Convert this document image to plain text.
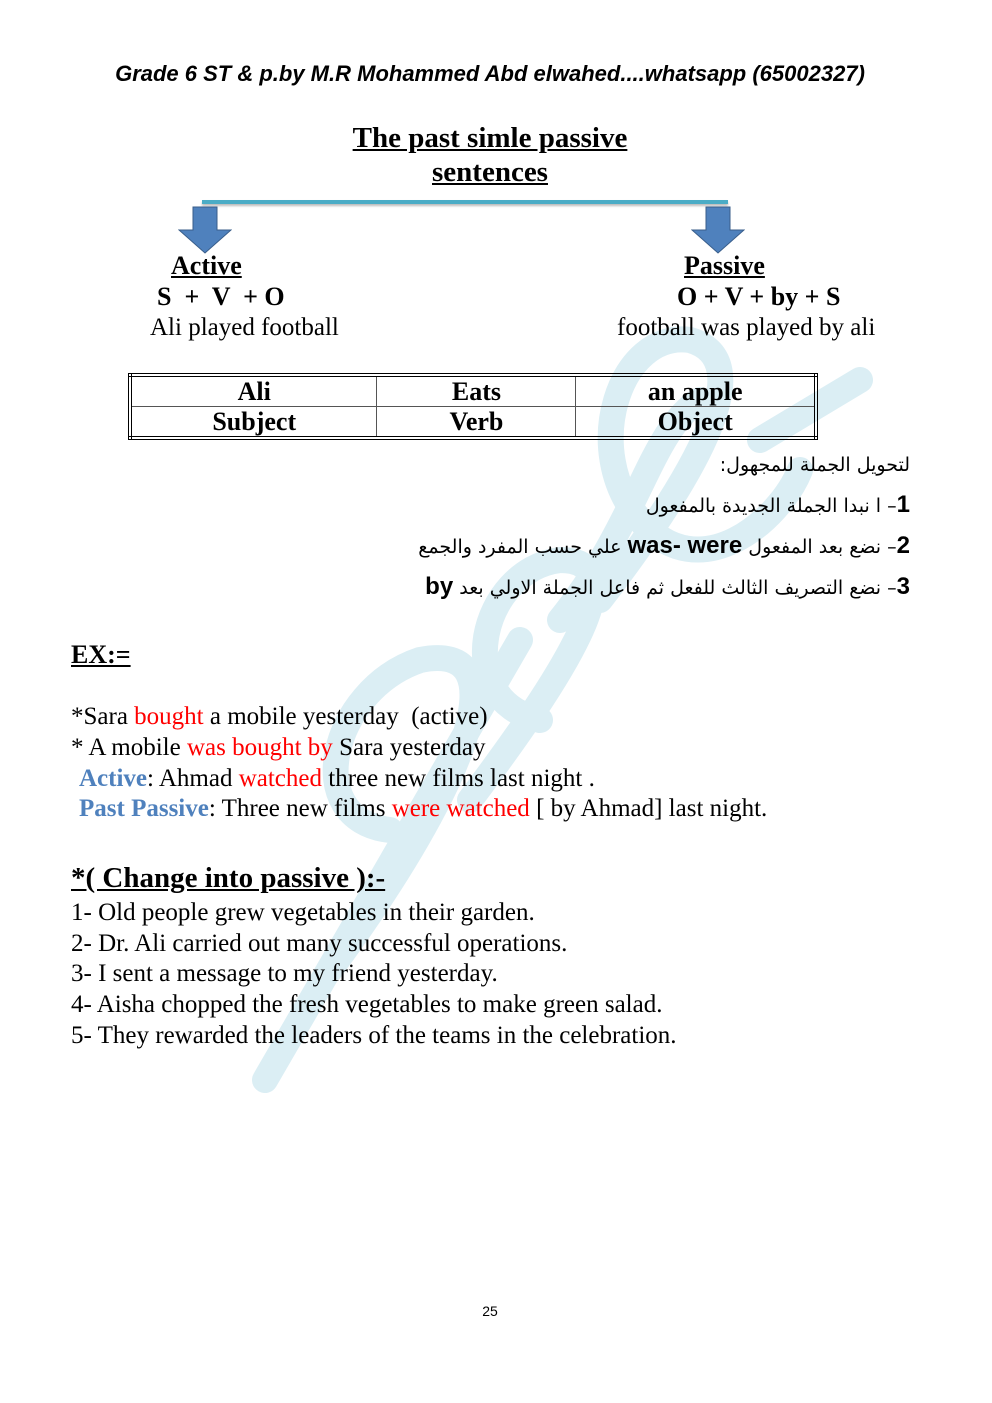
Grade 6 ST & p.by M.R Mohammed Abd elwahed....whatsapp (65002327)
The past simle passive
sentences
Active
S  +  V  + O
Ali played football
Passive
O + V + by + S
football was played by ali
Ali	Eats	an apple
Subject	Verb	Object
لتحويل الجملة للمجهول:
1– ا نبدا الجملة الجديدة بالمفعول
2– نضع بعد المفعول was- were علي حسب المفرد والجمع
3– نضع التصريف الثالث للفعل ثم فاعل الجملة الاولي بعد by
EX:=
*Sara bought a mobile yesterday  (active)
* A mobile was bought by Sara yesterday
Active: Ahmad watched three new films last night .
Past Passive: Three new films were watched [ by Ahmad] last night.
*( Change into passive ):-
1- Old people grew vegetables in their garden.
2- Dr. Ali carried out many successful operations.
3- I sent a message to my friend yesterday.
4- Aisha chopped the fresh vegetables to make green salad.
5- They rewarded the leaders of the teams in the celebration.
25
